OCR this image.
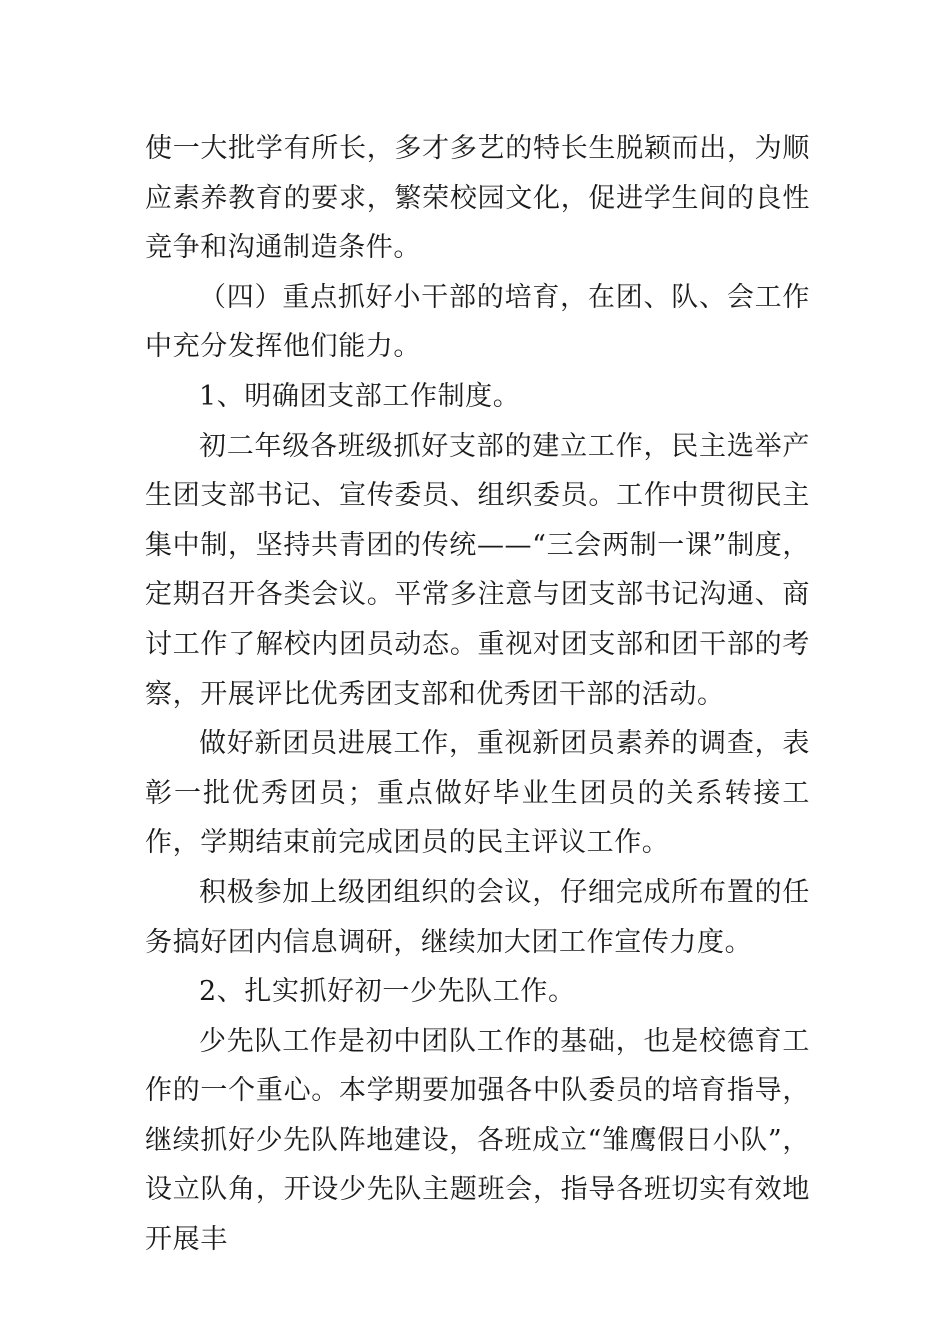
使一大批学有所长，多才多艺的特长生脱颖而出，为顺应素养教育的要求，繁荣校园文化，促进学生间的良性竞争和沟通制造条件。

（四）重点抓好小干部的培育，在团、队、会工作中充分发挥他们能力。

1、明确团支部工作制度。

初二年级各班级抓好支部的建立工作，民主选举产生团支部书记、宣传委员、组织委员。工作中贯彻民主集中制，坚持共青团的传统——“三会两制一课”制度，定期召开各类会议。平常多注意与团支部书记沟通、商讨工作了解校内团员动态。重视对团支部和团干部的考察，开展评比优秀团支部和优秀团干部的活动。

做好新团员进展工作，重视新团员素养的调查，表彰一批优秀团员；重点做好毕业生团员的关系转接工作，学期结束前完成团员的民主评议工作。

积极参加上级团组织的会议，仔细完成所布置的任务搞好团内信息调研，继续加大团工作宣传力度。

2、扎实抓好初一少先队工作。

少先队工作是初中团队工作的基础，也是校德育工作的一个重心。本学期要加强各中队委员的培育指导，继续抓好少先队阵地建设，各班成立“雏鹰假日小队”，设立队角，开设少先队主题班会，指导各班切实有效地开展丰
